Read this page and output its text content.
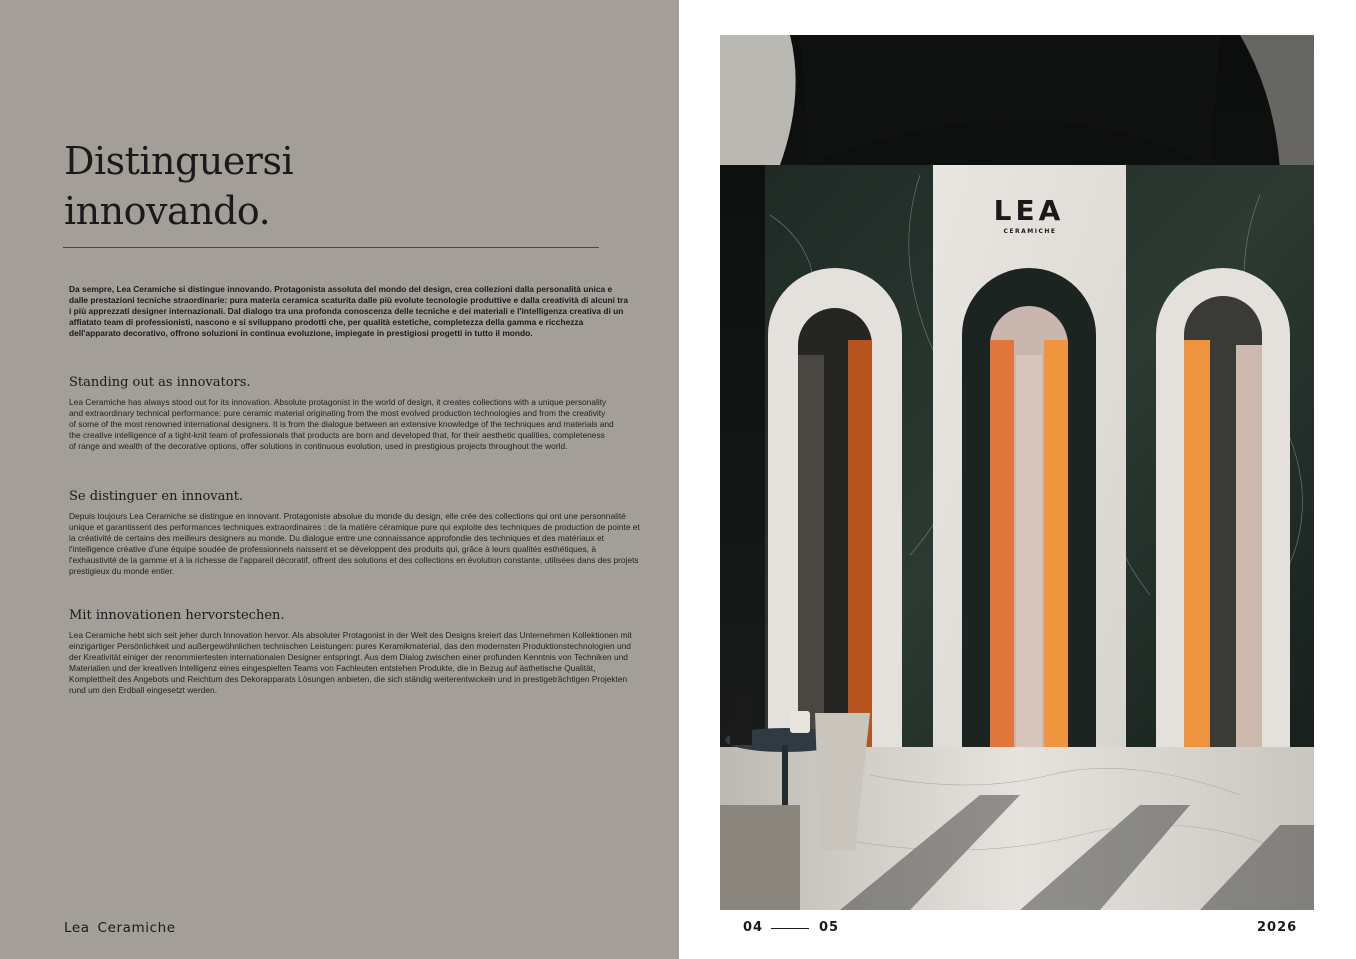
Distinguersi
innovando.

Da sempre, Lea Ceramiche si distingue innovando. Protagonista assoluta del mondo del design, crea collezioni dalla personalità unica e dalle prestazioni tecniche straordinarie: pura materia ceramica scaturita dalle più evolute tecnologie produttive e dalla creatività di alcuni tra i più apprezzati designer internazionali. Dal dialogo tra una profonda conoscenza delle tecniche e dei materiali e l'intelligenza creativa di un affiatato team di professionisti, nascono e si sviluppano prodotti che, per qualità estetiche, completezza della gamma e ricchezza dell'apparato decorativo, offrono soluzioni in continua evoluzione, impiegate in prestigiosi progetti in tutto il mondo.

Standing out as innovators.

Lea Ceramiche has always stood out for its innovation. Absolute protagonist in the world of design, it creates collections with a unique personality and extraordinary technical performance: pure ceramic material originating from the most evolved production technologies and from the creativity of some of the most renowned international designers. It is from the dialogue between an extensive knowledge of the techniques and materials and the creative intelligence of a tight-knit team of professionals that products are born and developed that, for their aesthetic qualities, completeness of range and wealth of the decorative options, offer solutions in continuous evolution, used in prestigious projects throughout the world.

Se distinguer en innovant.

Depuis toujours Lea Ceramiche se distingue en innovant. Protagoniste absolue du monde du design, elle crée des collections qui ont une personnalité unique et garantissent des performances techniques extraordinaires : de la matière céramique pure qui exploite des techniques de production de pointe et la créativité de certains des meilleurs designers au monde. Du dialogue entre une connaissance approfondie des techniques et des matériaux et l'intelligence créative d'une équipe soudée de professionnels naissent et se développent des produits qui, grâce à leurs qualités esthétiques, à l'exhaustivité de la gamme et à la richesse de l'appareil décoratif, offrent des solutions et des collections en évolution constante, utilisées dans des projets prestigieux du monde entier.

Mit innovationen hervorstechen.

Lea Ceramiche hebt sich seit jeher durch Innovation hervor. Als absoluter Protagonist in der Welt des Designs kreiert das Unternehmen Kollektionen mit einzigartiger Persönlichkeit und außergewöhnlichen technischen Leistungen: pures Keramikmaterial, das den modernsten Produktionstechnologien und der Kreativität einiger der renommiertesten internationalen Designer entspringt. Aus dem Dialog zwischen einer profunden Kenntnis von Techniken und Materialien und der kreativen Intelligenz eines eingespielten Teams von Fachleuten entstehen Produkte, die in Bezug auf ästhetische Qualität, Komplettheit des Angebots und Reichtum des Dekorapparats Lösungen anbieten, die sich ständig weiterentwickeln und in prestigeträchtigen Projekten rund um den Erdball eingesetzt werden.

Lea Ceramiche
LEA
CERAMICHE
04	05	2026
